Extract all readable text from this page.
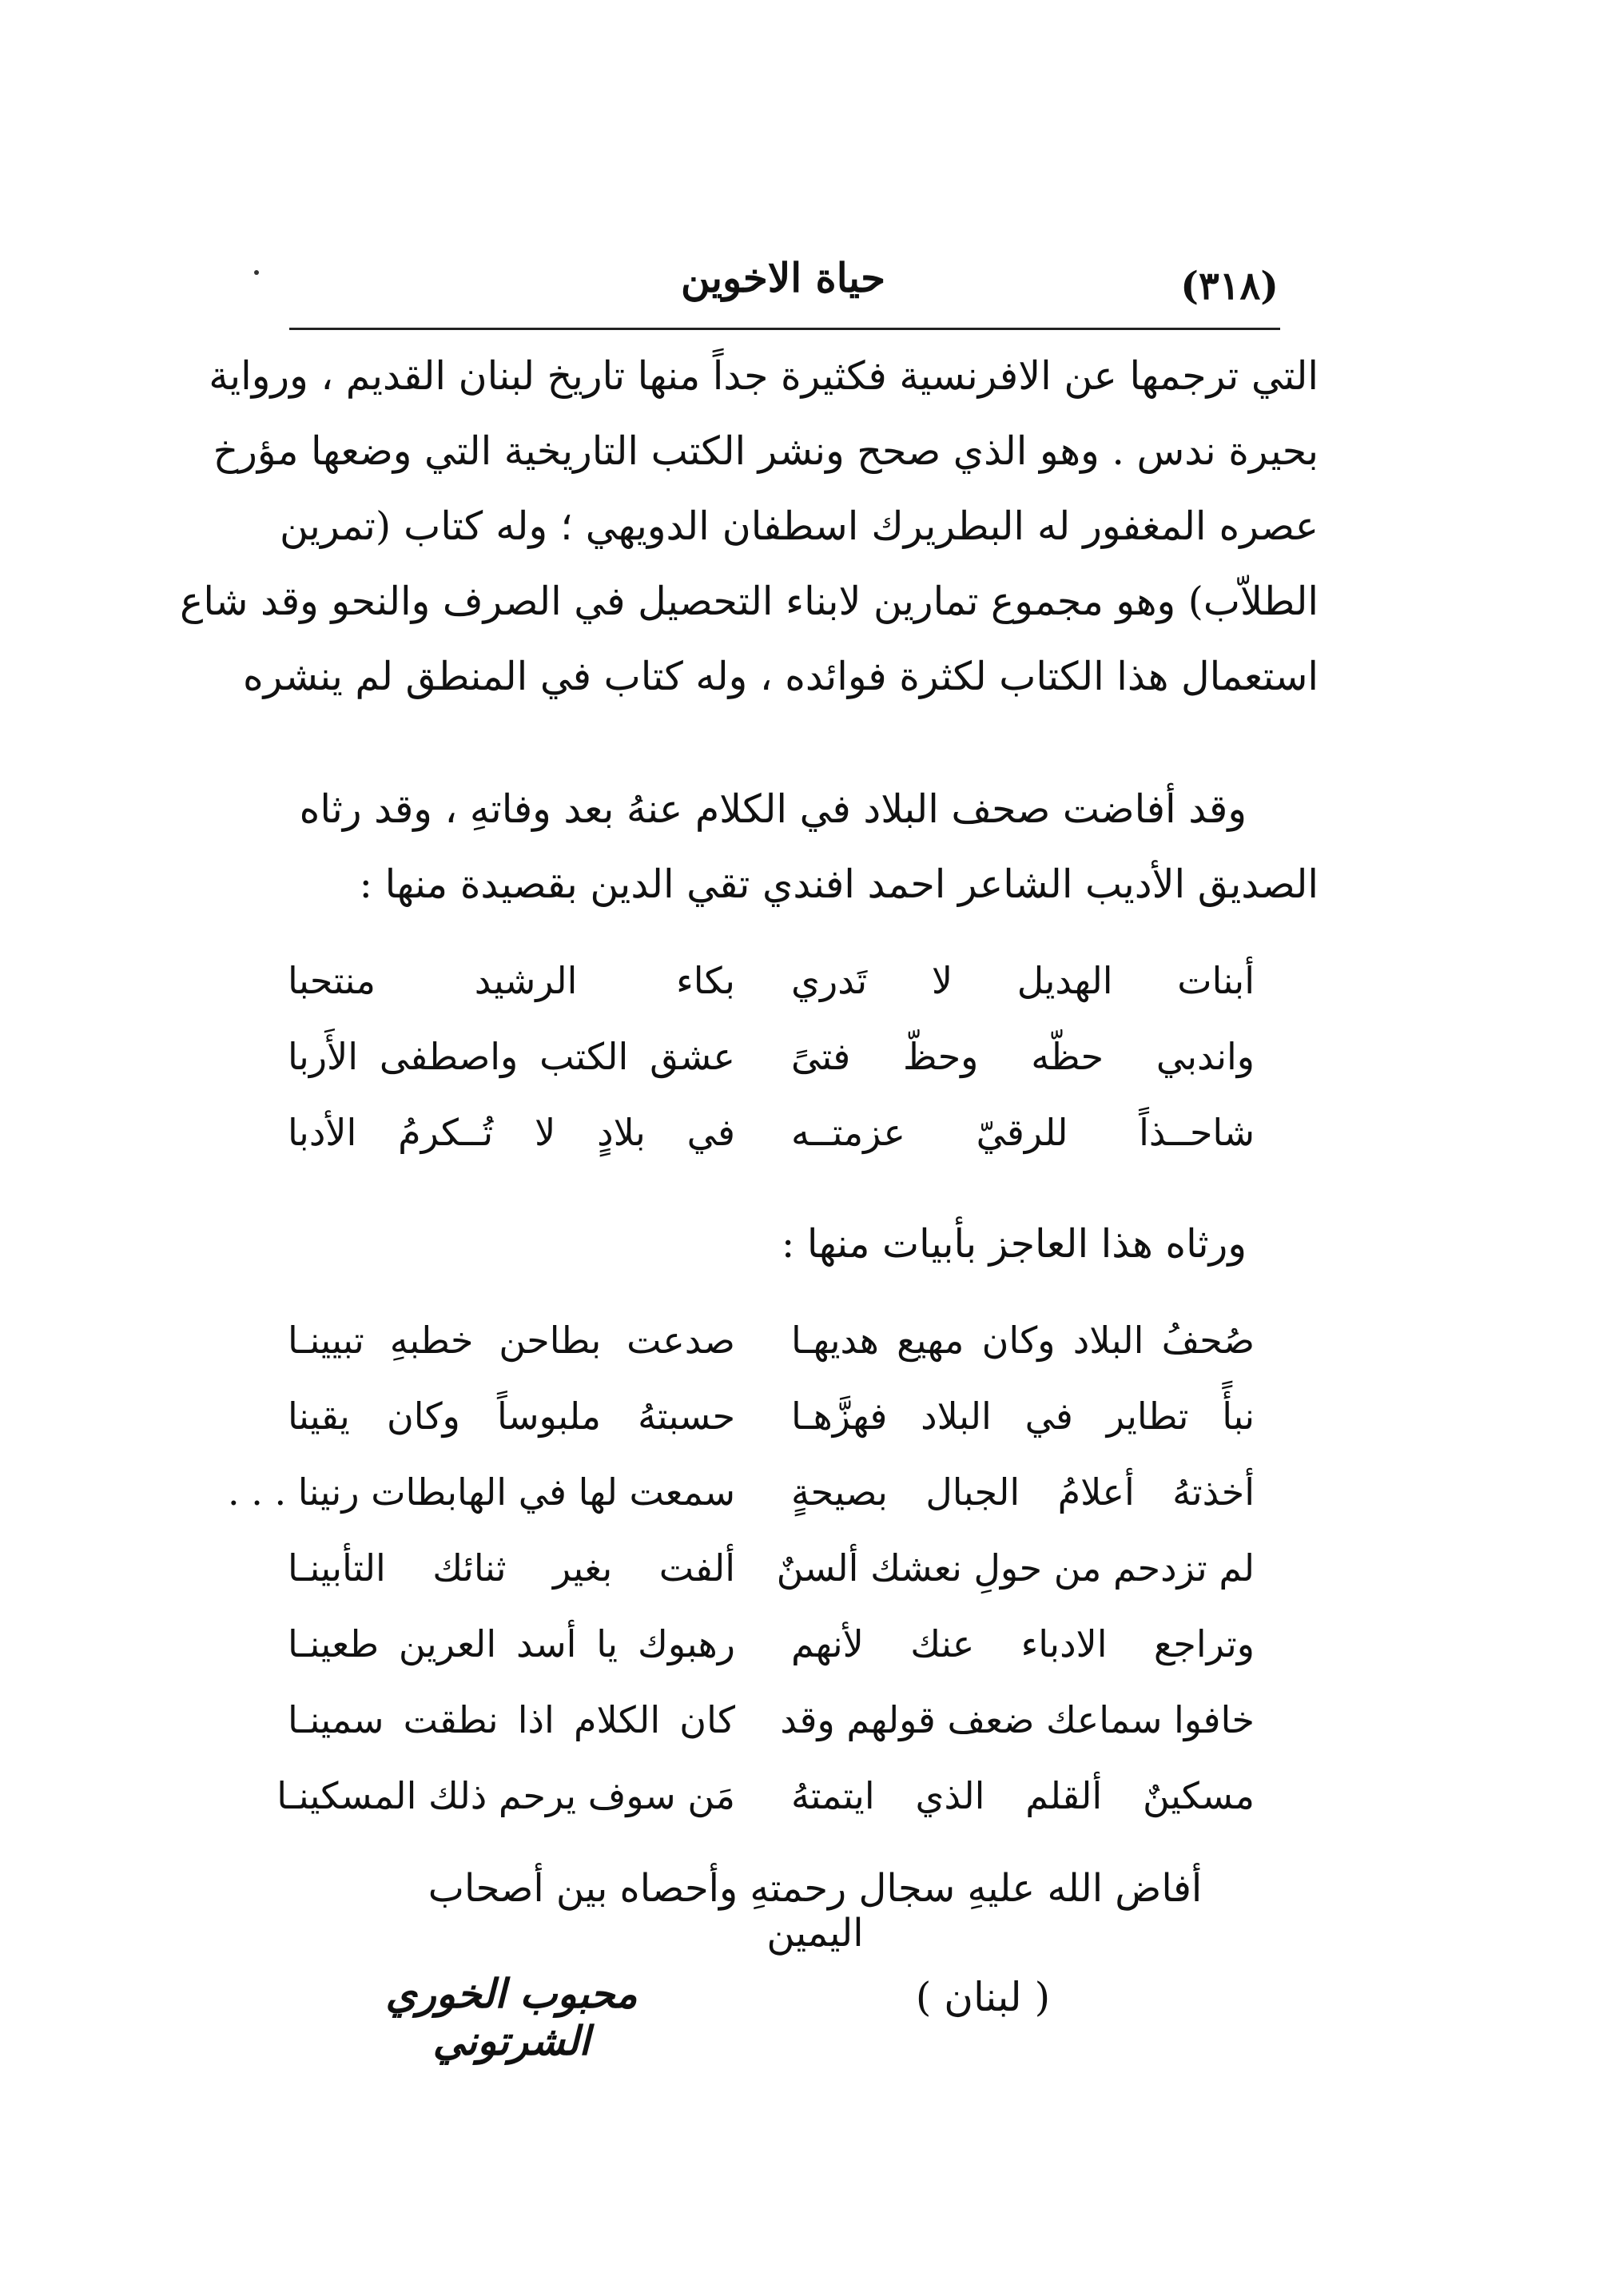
(٣١٨)
حياة الاخوين
التي ترجمها عن الافرنسية فكثيرة جداً منها تاريخ لبنان القديم ، ورواية
بحيرة ندس . وهو الذي صحح ونشر الكتب التاريخية التي وضعها مؤرخ
عصره المغفور له البطريرك اسطفان الدويهي ؛ وله كتاب (تمرين
الطلاّب) وهو مجموع تمارين لابناء التحصيل في الصرف والنحو وقد شاع
استعمال هذا الكتاب لكثرة فوائده ، وله كتاب في المنطق لم ينشره
وقد أفاضت صحف البلاد في الكلام عنهُ بعد وفاتهِ ، وقد رثاه
الصديق الأديب الشاعر احمد افندي تقي الدين بقصيدة منها :
أبنات الهديل لا تَدري
بكاء الرشيد منتحبا
واندبي حظّه وحظّ فتىً
عشق الكتب واصطفى الأَربا
شاحــذاً للرقيّ عزمتــه
في بلادٍ لا تُــكرمُ الأدبا
ورثاه هذا العاجز بأبيات منها :
صُحفُ البلاد وكان مهيع هديهـا
صدعت بطاحن خطبهِ تبيينـا
نبأً تطاير في البلاد فهزَّهـا
حسبتهُ ملبوساً وكان يقينا
أخذتهُ أعلامُ الجبال بصيحةٍ
سمعت لها في الهابطات رنينا . . .
لم تزدحم من حولِ نعشك ألسنٌ
ألفت بغير ثنائك التأبينـا
وتراجع الادباء عنك لأنهم
رهبوك يا أسد العرين طعينـا
خافوا سماعك ضعف قولهم وقد
كان الكلام اذا نطقت سمينـا
مسكينٌ ألقلم الذي ايتمتهُ
مَن سوف يرحم ذلك المسكينـا
أفاض الله عليهِ سجال رحمتهِ وأحصاه بين أصحاب اليمين
( لبنان )
محبوب الخوري الشرتوني
